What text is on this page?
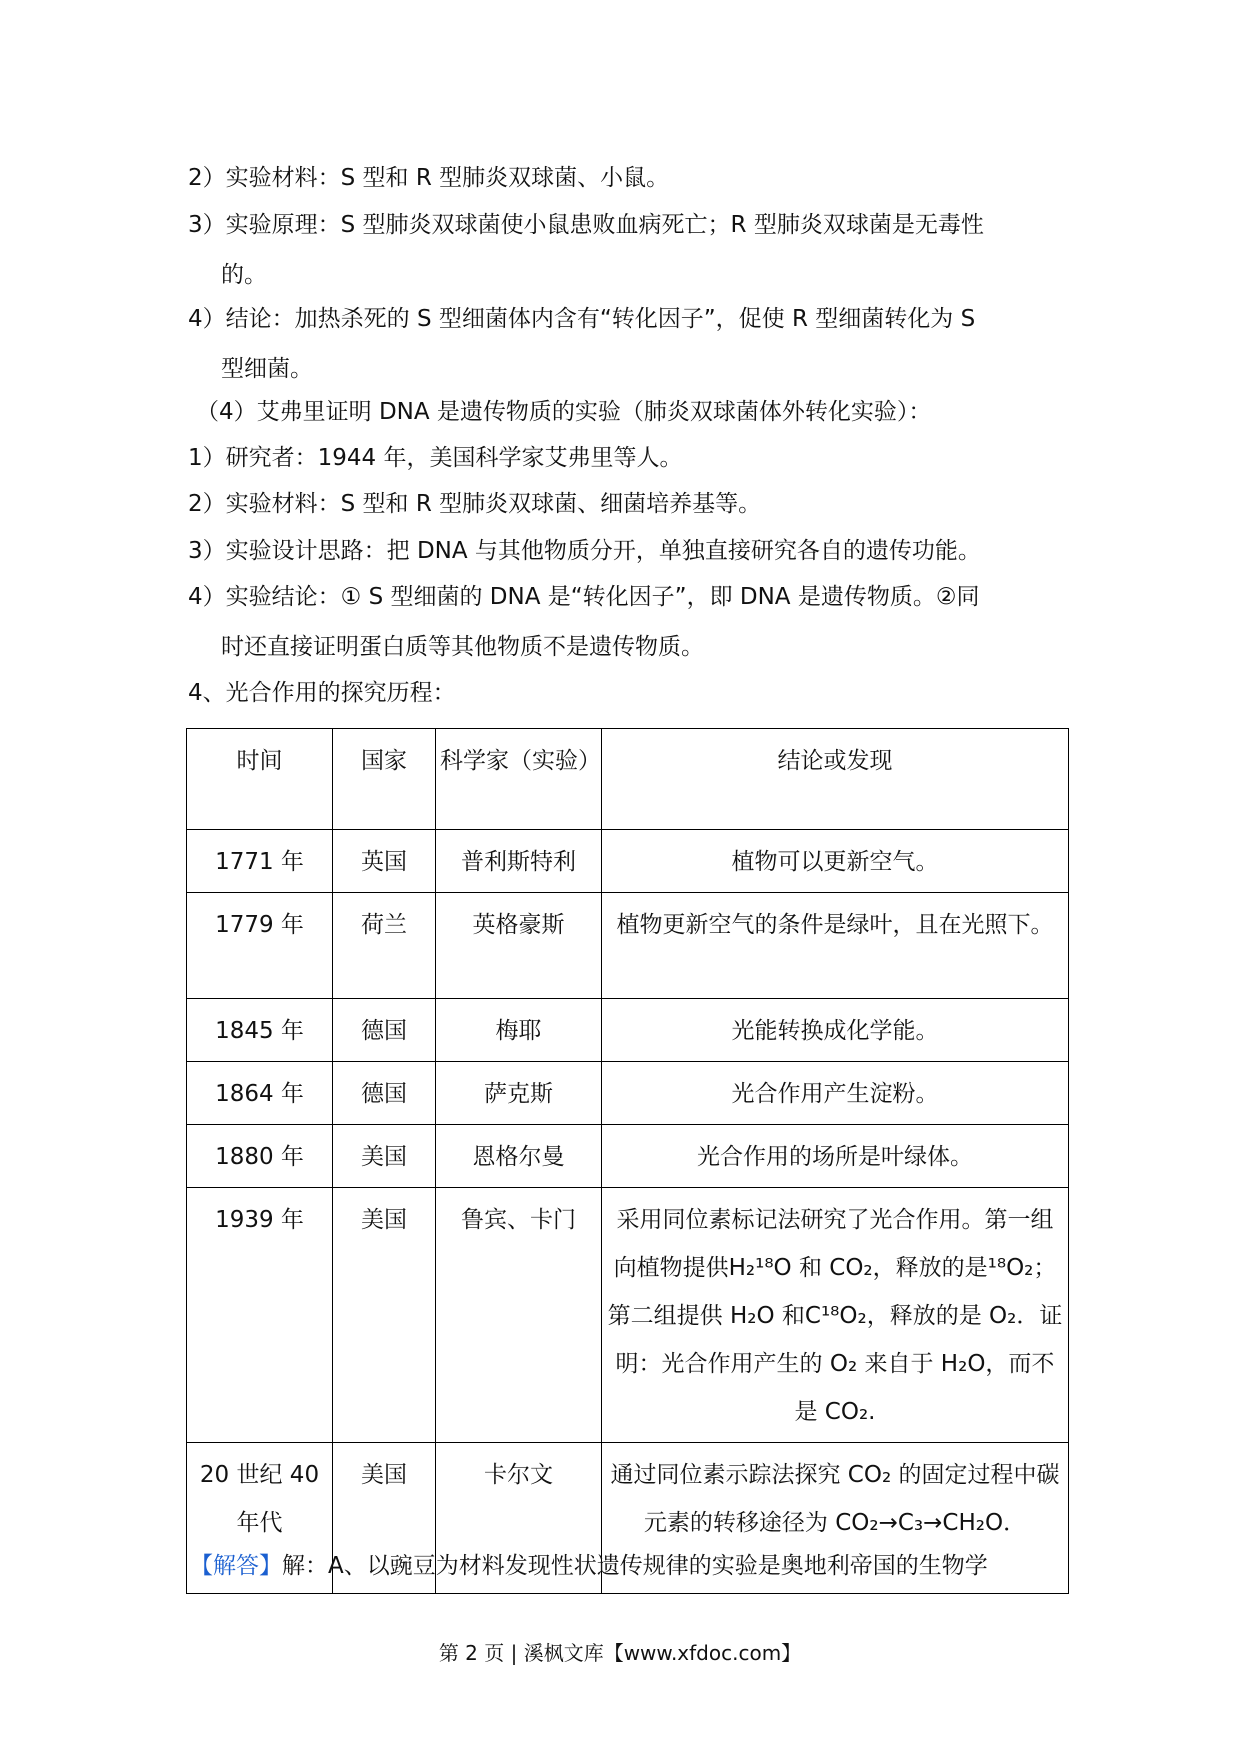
2）实验材料：S 型和 R 型肺炎双球菌、小鼠。
3）实验原理：S 型肺炎双球菌使小鼠患败血病死亡；R 型肺炎双球菌是无毒性
的。
4）结论：加热杀死的 S 型细菌体内含有“转化因子”，促使 R 型细菌转化为 S
型细菌。
（4）艾弗里证明 DNA 是遗传物质的实验（肺炎双球菌体外转化实验）：
1）研究者：1944 年，美国科学家艾弗里等人。
2）实验材料：S 型和 R 型肺炎双球菌、细菌培养基等。
3）实验设计思路：把 DNA 与其他物质分开，单独直接研究各自的遗传功能。
4）实验结论：① S 型细菌的 DNA 是“转化因子”，即 DNA 是遗传物质。②同
时还直接证明蛋白质等其他物质不是遗传物质。
4、光合作用的探究历程：
时间	国家	科学家（实验）	结论或发现
1771 年	英国	普利斯特利	植物可以更新空气。
1779 年	荷兰	英格豪斯	植物更新空气的条件是绿叶，且在光照下。
1845 年	德国	梅耶	光能转换成化学能。
1864 年	德国	萨克斯	光合作用产生淀粉。
1880 年	美国	恩格尔曼	光合作用的场所是叶绿体。
1939 年	美国	鲁宾、卡门	采用同位素标记法研究了光合作用。第一组向植物提供H₂¹⁸O 和 CO₂，释放的是¹⁸O₂；第二组提供 H₂O 和C¹⁸O₂，释放的是 O₂．证明：光合作用产生的 O₂ 来自于 H₂O，而不是 CO₂.
20 世纪 40 年代	美国	卡尔文	通过同位素示踪法探究 CO₂ 的固定过程中碳元素的转移途径为 CO₂→C₃→CH₂O．
【解答】解：A、以豌豆为材料发现性状遗传规律的实验是奥地利帝国的生物学
第 2 页 | 溪枫文库【www.xfdoc.com】
